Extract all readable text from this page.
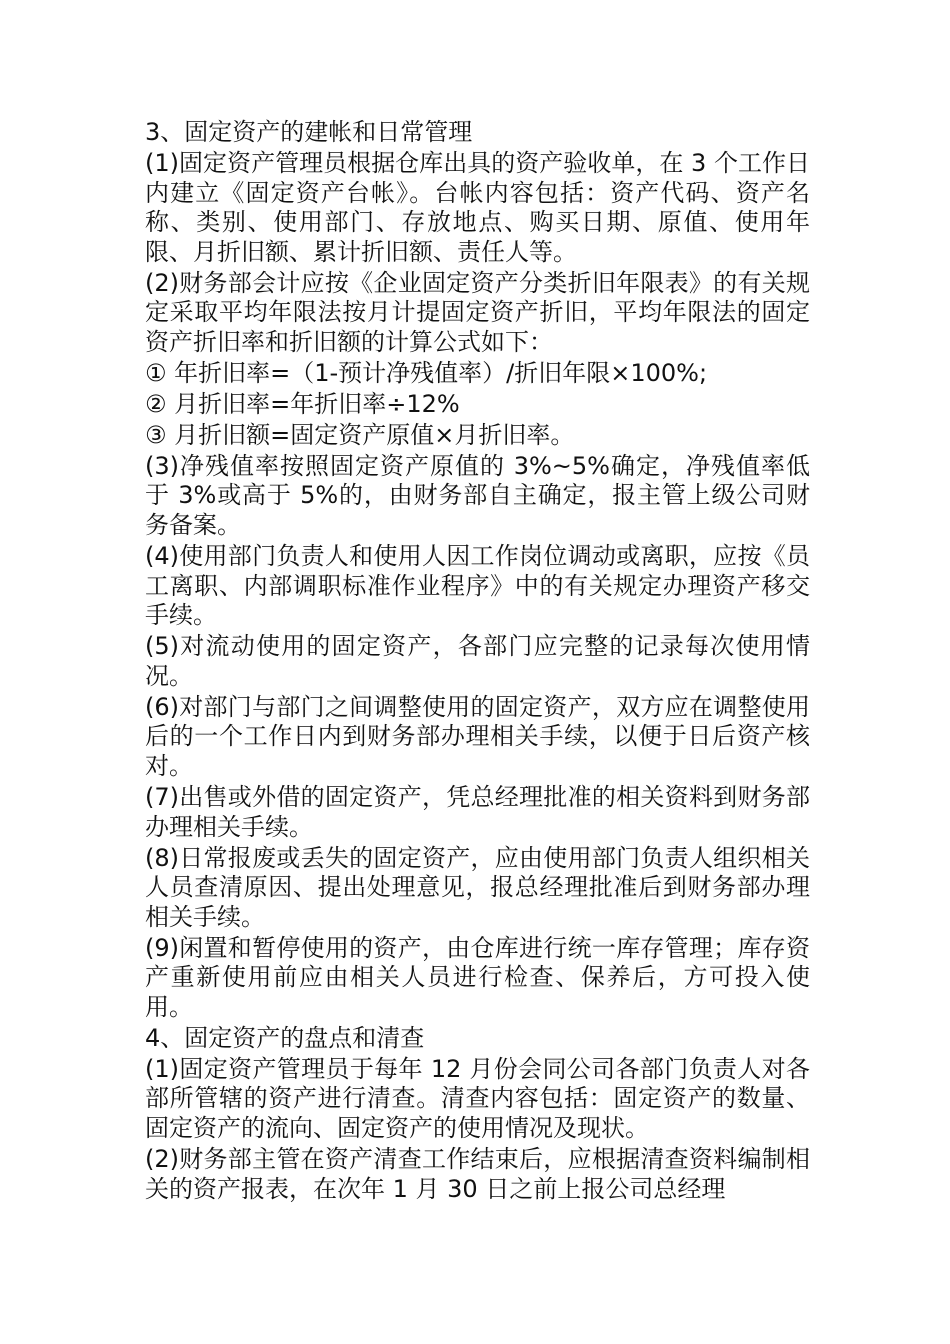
3、固定资产的建帐和日常管理
(1)固定资产管理员根据仓库出具的资产验收单，在 3 个工作日内建立《固定资产台帐》。台帐内容包括：资产代码、资产名称、类别、使用部门、存放地点、购买日期、原值、使用年限、月折旧额、累计折旧额、责任人等。
(2)财务部会计应按《企业固定资产分类折旧年限表》的有关规定采取平均年限法按月计提固定资产折旧，平均年限法的固定资产折旧率和折旧额的计算公式如下：
① 年折旧率=（1-预计净残值率）/折旧年限×100%;
② 月折旧率=年折旧率÷12%
③ 月折旧额=固定资产原值×月折旧率。
(3)净残值率按照固定资产原值的 3%~5%确定，净残值率低于 3%或高于 5%的，由财务部自主确定，报主管上级公司财务备案。
(4)使用部门负责人和使用人因工作岗位调动或离职，应按《员工离职、内部调职标准作业程序》中的有关规定办理资产移交手续。
(5)对流动使用的固定资产，各部门应完整的记录每次使用情况。
(6)对部门与部门之间调整使用的固定资产，双方应在调整使用后的一个工作日内到财务部办理相关手续，以便于日后资产核对。
(7)出售或外借的固定资产，凭总经理批准的相关资料到财务部办理相关手续。
(8)日常报废或丢失的固定资产，应由使用部门负责人组织相关人员查清原因、提出处理意见，报总经理批准后到财务部办理相关手续。
(9)闲置和暂停使用的资产，由仓库进行统一库存管理；库存资产重新使用前应由相关人员进行检查、保养后，方可投入使用。
4、固定资产的盘点和清查
(1)固定资产管理员于每年 12 月份会同公司各部门负责人对各部所管辖的资产进行清查。清查内容包括：固定资产的数量、固定资产的流向、固定资产的使用情况及现状。
(2)财务部主管在资产清查工作结束后，应根据清查资料编制相关的资产报表，在次年 1 月 30 日之前上报公司总经理
